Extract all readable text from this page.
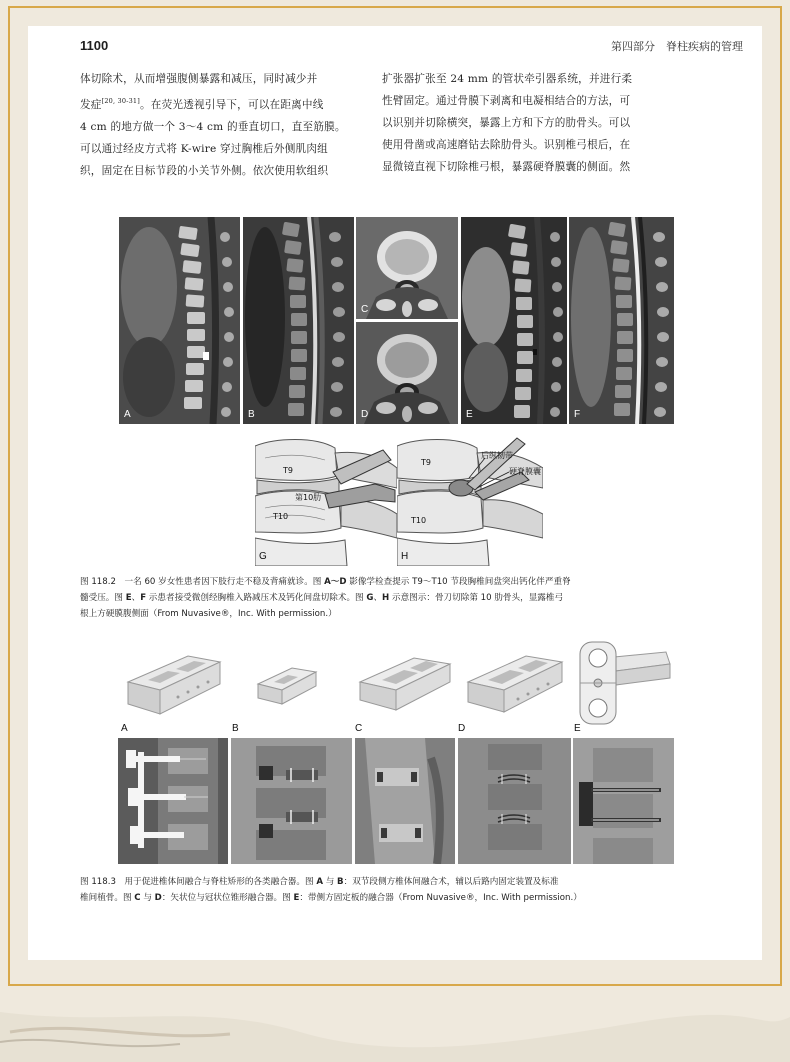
1100	第四部分　脊柱疾病的管理
体切除术，从而增强腹侧暴露和减压，同时减少并
发症[20, 30-31]。在荧光透视引导下，可以在距离中线
4 cm 的地方做一个 3～4 cm 的垂直切口，直至筋膜。
可以通过经皮方式将 K-wire 穿过胸椎后外侧肌肉组
织，固定在目标节段的小关节外侧。依次使用软组织
扩张器扩张至 24 mm 的管状牵引器系统，并进行柔
性臂固定。通过骨膜下剥离和电凝相结合的方法，可
以识别并切除横突，暴露上方和下方的肋骨头。可以
使用骨凿或高速磨钻去除肋骨头。识别椎弓根后，在
显微镜直视下切除椎弓根，暴露硬脊膜囊的侧面。然
A	B
C
D	E	F
T9
第10肋
T10
G
T9
后纵韧带
硬脊膜囊
T10
H
图 118.2　一名 60 岁女性患者因下肢行走不稳及背痛就诊。图 A～D 影像学检查提示 T9～T10 节段胸椎间盘突出钙化伴严重脊
髓受压。图 E、F 示患者接受微创经胸椎入路减压术及钙化间盘切除术。图 G、H 示意图示：骨刀切除第 10 肋骨头，显露椎弓
根上方硬膜腹侧面（From Nuvasive®，Inc. With permission.）
A	B	C	D	E
图 118.3　用于促进椎体间融合与脊柱矫形的各类融合器。图 A 与 B：双节段侧方椎体间融合术，辅以后路内固定装置及标准
椎间植骨。图 C 与 D：矢状位与冠状位锥形融合器。图 E：带侧方固定板的融合器（From Nuvasive®，Inc. With permission.）
